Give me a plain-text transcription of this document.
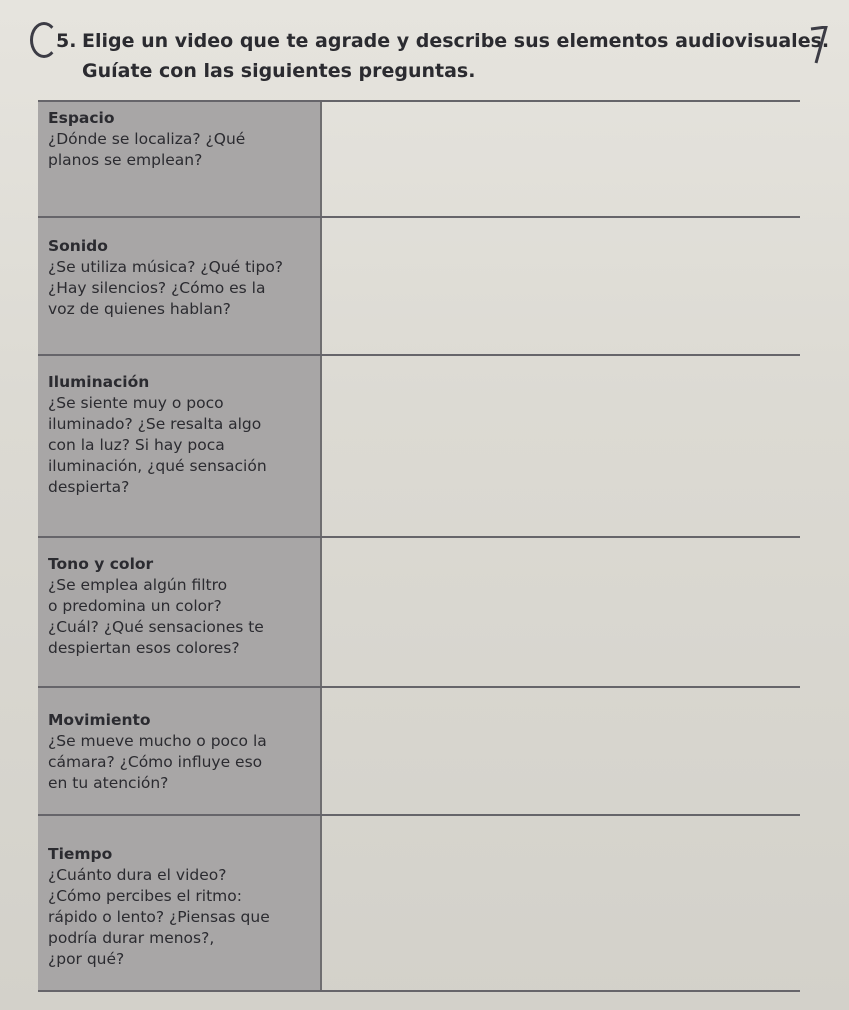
5. Elige un video que te agrade y describe sus elementos audiovisuales.
Guíate con las siguientes preguntas.
Espacio
¿Dónde se localiza? ¿Qué
planos se emplean?
Sonido
¿Se utiliza música? ¿Qué tipo?
¿Hay silencios? ¿Cómo es la
voz de quienes hablan?
Iluminación
¿Se siente muy o poco
iluminado? ¿Se resalta algo
con la luz? Si hay poca
iluminación, ¿qué sensación
despierta?
Tono y color
¿Se emplea algún filtro
o predomina un color?
¿Cuál? ¿Qué sensaciones te
despiertan esos colores?
Movimiento
¿Se mueve mucho o poco la
cámara? ¿Cómo influye eso
en tu atención?
Tiempo
¿Cuánto dura el video?
¿Cómo percibes el ritmo:
rápido o lento? ¿Piensas que
podría durar menos?,
¿por qué?
